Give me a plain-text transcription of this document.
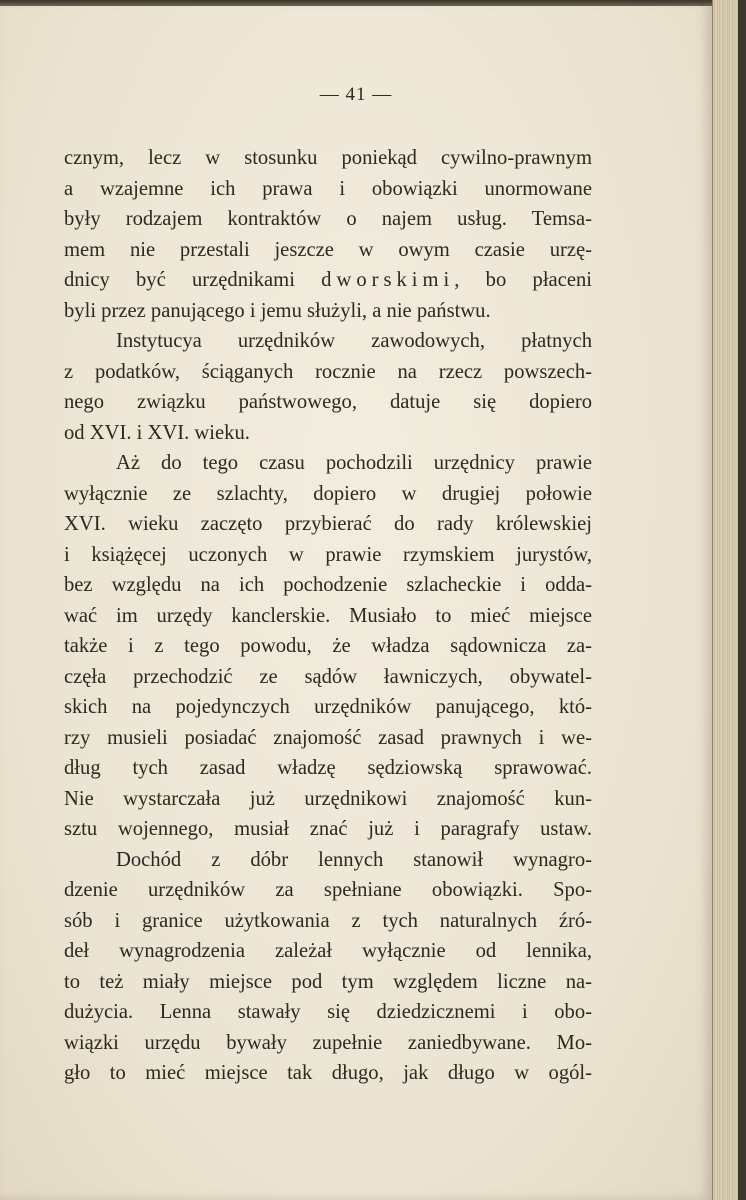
— 41 —
cznym, lecz w stosunku poniekąd cywilno-prawnym
a wzajemne ich prawa i obowiązki unormowane
były rodzajem kontraktów o najem usług. Temsa-
mem nie przestali jeszcze w owym czasie urzę-
dnicy być urzędnikami dworskimi, bo płaceni
byli przez panującego i jemu służyli, a nie państwu.
Instytucya urzędników zawodowych, płatnych
z podatków, ściąganych rocznie na rzecz powszech-
nego związku państwowego, datuje się dopiero
od XVI. i XVI. wieku.
Aż do tego czasu pochodzili urzędnicy prawie
wyłącznie ze szlachty, dopiero w drugiej połowie
XVI. wieku zaczęto przybierać do rady królewskiej
i książęcej uczonych w prawie rzymskiem jurystów,
bez względu na ich pochodzenie szlacheckie i odda-
wać im urzędy kanclerskie. Musiało to mieć miejsce
także i z tego powodu, że władza sądownicza za-
częła przechodzić ze sądów ławniczych, obywatel-
skich na pojedynczych urzędników panującego, któ-
rzy musieli posiadać znajomość zasad prawnych i we-
dług tych zasad władzę sędziowską sprawować.
Nie wystarczała już urzędnikowi znajomość kun-
sztu wojennego, musiał znać już i paragrafy ustaw.
Dochód z dóbr lennych stanowił wynagro-
dzenie urzędników za spełniane obowiązki. Spo-
sób i granice użytkowania z tych naturalnych źró-
deł wynagrodzenia zależał wyłącznie od lennika,
to też miały miejsce pod tym względem liczne na-
dużycia. Lenna stawały się dziedzicznemi i obo-
wiązki urzędu bywały zupełnie zaniedbywane. Mo-
gło to mieć miejsce tak długo, jak długo w ogól-
